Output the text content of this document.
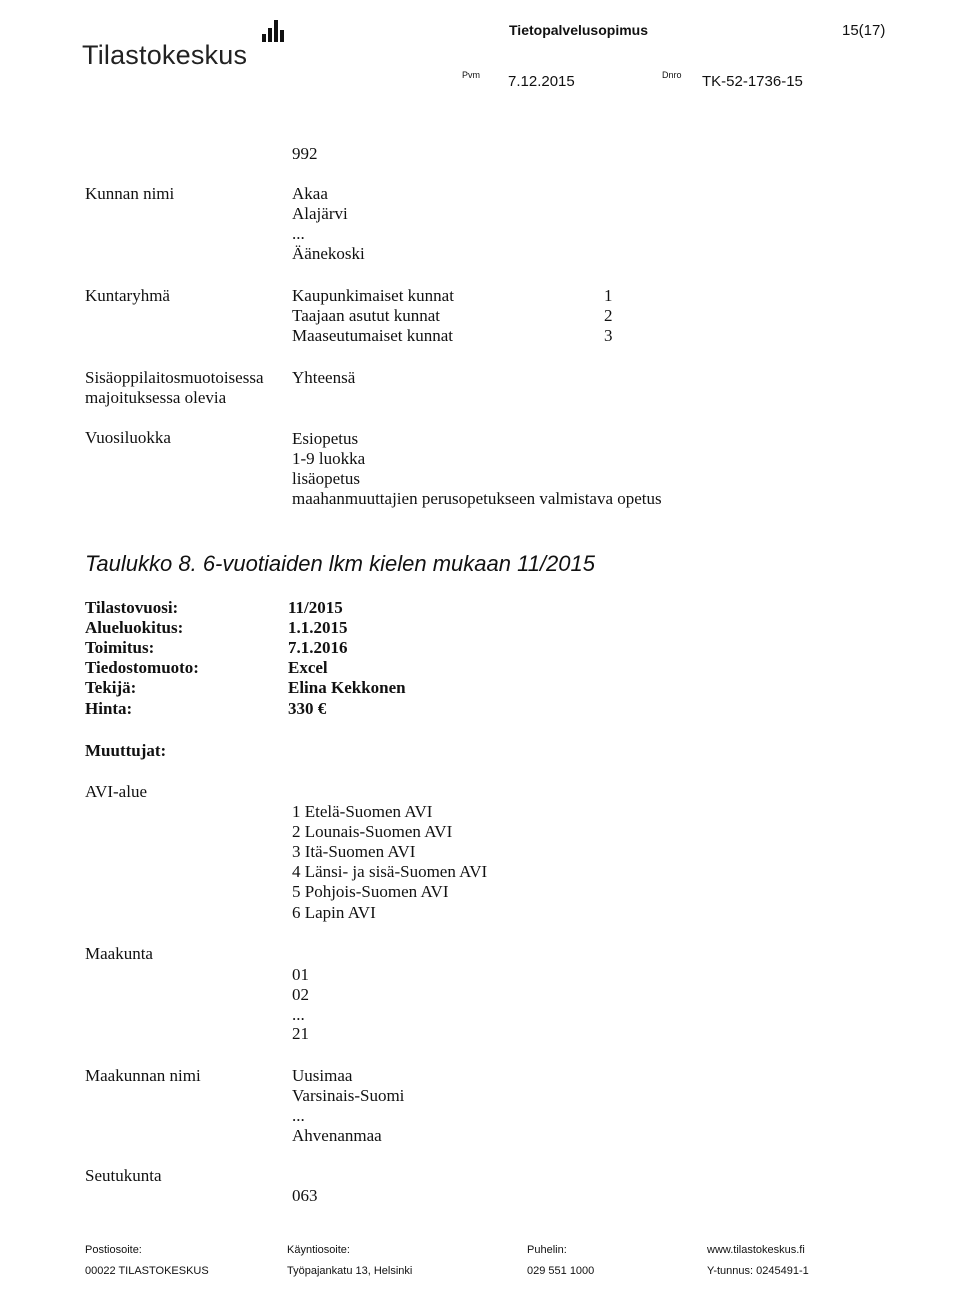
Tilastokeskus
Tietopalvelusopimus	15(17)
Pvm 7.12.2015	Dnro TK-52-1736-15
992
Kunnan nimi	Akaa
Alajärvi
...
Äänekoski
Kuntaryhmä	Kaupunkimaiset kunnat	1
Taajaan asutut kunnat	2
Maaseutumaiset kunnat	3
Sisäoppilaitosmuotoisessa
majoituksessa olevia
Yhteensä
Vuosiluokka	Esiopetus
1-9 luokka
lisäopetus
maahanmuuttajien perusopetukseen valmistava opetus
Taulukko 8. 6-vuotiaiden lkm kielen mukaan 11/2015
Tilastovuosi:	11/2015
Alueluokitus:	1.1.2015
Toimitus:	7.1.2016
Tiedostomuoto:	Excel
Tekijä:	Elina Kekkonen
Hinta:	330 €
Muuttujat:
AVI-alue
1 Etelä-Suomen AVI
2 Lounais-Suomen AVI
3 Itä-Suomen AVI
4 Länsi- ja sisä-Suomen AVI
5 Pohjois-Suomen AVI
6 Lapin AVI
Maakunta
01
02
...
21
Maakunnan nimi	Uusimaa
Varsinais-Suomi
...
Ahvenanmaa
Seutukunta
063
Postiosoite:
00022 TILASTOKESKUS
Käyntiosoite:
Työpajankatu 13, Helsinki
Puhelin:
029 551 1000
www.tilastokeskus.fi
Y-tunnus: 0245491-1
